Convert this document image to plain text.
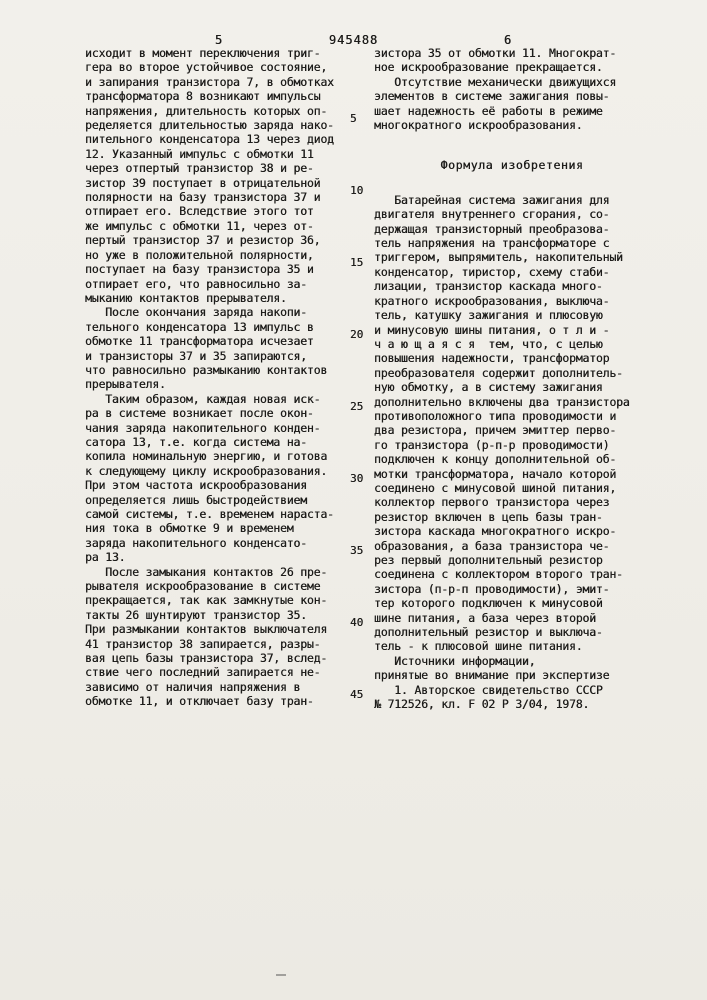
5	945488	6
исходит в момент переключения триг-
гера во второе устойчивое состояние,
и запирания транзистора 7, в обмотках
трансформатора 8 возникают импульсы
напряжения, длительность которых оп-
ределяется длительностью заряда нако-
пительного конденсатора 13 через диод
12. Указанный импульс с обмотки 11
через отпертый транзистор 38 и ре-
зистор 39 поступает в отрицательной
полярности на базу транзистора 37 и
отпирает его. Вследствие этого тот
же импульс с обмотки 11, через от-
пертый транзистор 37 и резистор 36,
но уже в положительной полярности,
поступает на базу транзистора 35 и
отпирает его, что равносильно за-
мыканию контактов прерывателя.
После окончания заряда накопи-
тельного конденсатора 13 импульс в
обмотке 11 трансформатора исчезает
и транзисторы 37 и 35 запираются,
что равносильно размыканию контактов
прерывателя.
Таким образом, каждая новая иск-
ра в системе возникает после окон-
чания заряда накопительного конден-
сатора 13, т.е. когда система на-
копила номинальную энергию, и готова
к следующему циклу искрообразования.
При этом частота искрообразования
определяется лишь быстродействием
самой системы, т.е. временем нараста-
ния тока в обмотке 9 и временем
заряда накопительного конденсато-
ра 13.
После замыкания контактов 26 пре-
рывателя искрообразование в системе
прекращается, так как замкнутые кон-
такты 26 шунтируют транзистор 35.
При размыкании контактов выключателя
41 транзистор 38 запирается, разры-
вая цепь базы транзистора 37, вслед-
ствие чего последний запирается не-
зависимо от наличия напряжения в
обмотке 11, и отключает базу тран-
5
10
15
20
25
30
35
40
45
зистора 35 от обмотки 11. Многократ-
ное искрообразование прекращается.
Отсутствие механически движущихся
элементов в системе зажигания повы-
шает надежность её работы в режиме
многократного искрообразования.
Формула изобретения
Батарейная система зажигания для
двигателя внутреннего сгорания, со-
держащая транзисторный преобразова-
тель напряжения на трансформаторе с
триггером, выпрямитель, накопительный
конденсатор, тиристор, схему стаби-
лизации, транзистор каскада много-
кратного искрообразования, выключа-
тель, катушку зажигания и плюсовую
и минусовую шины питания, о т л и -
ч а ю щ а я с я  тем, что, с целью
повышения надежности, трансформатор
преобразователя содержит дополнитель-
ную обмотку, а в систему зажигания
дополнительно включены два транзистора
противоположного типа проводимости и
два резистора, причем эмиттер перво-
го транзистора (р-п-р проводимости)
подключен к концу дополнительной об-
мотки трансформатора, начало которой
соединено с минусовой шиной питания,
коллектор первого транзистора через
резистор включен в цепь базы тран-
зистора каскада многократного искро-
образования, а база транзистора че-
рез первый дополнительный резистор
соединена с коллектором второго тран-
зистора (п-р-п проводимости), эмит-
тер которого подключен к минусовой
шине питания, а база через второй
дополнительный резистор и выключа-
тель - к плюсовой шине питания.
Источники информации,
принятые во внимание при экспертизе
1. Авторское свидетельство СССР
№ 712526, кл. F 02 P 3/04, 1978.
